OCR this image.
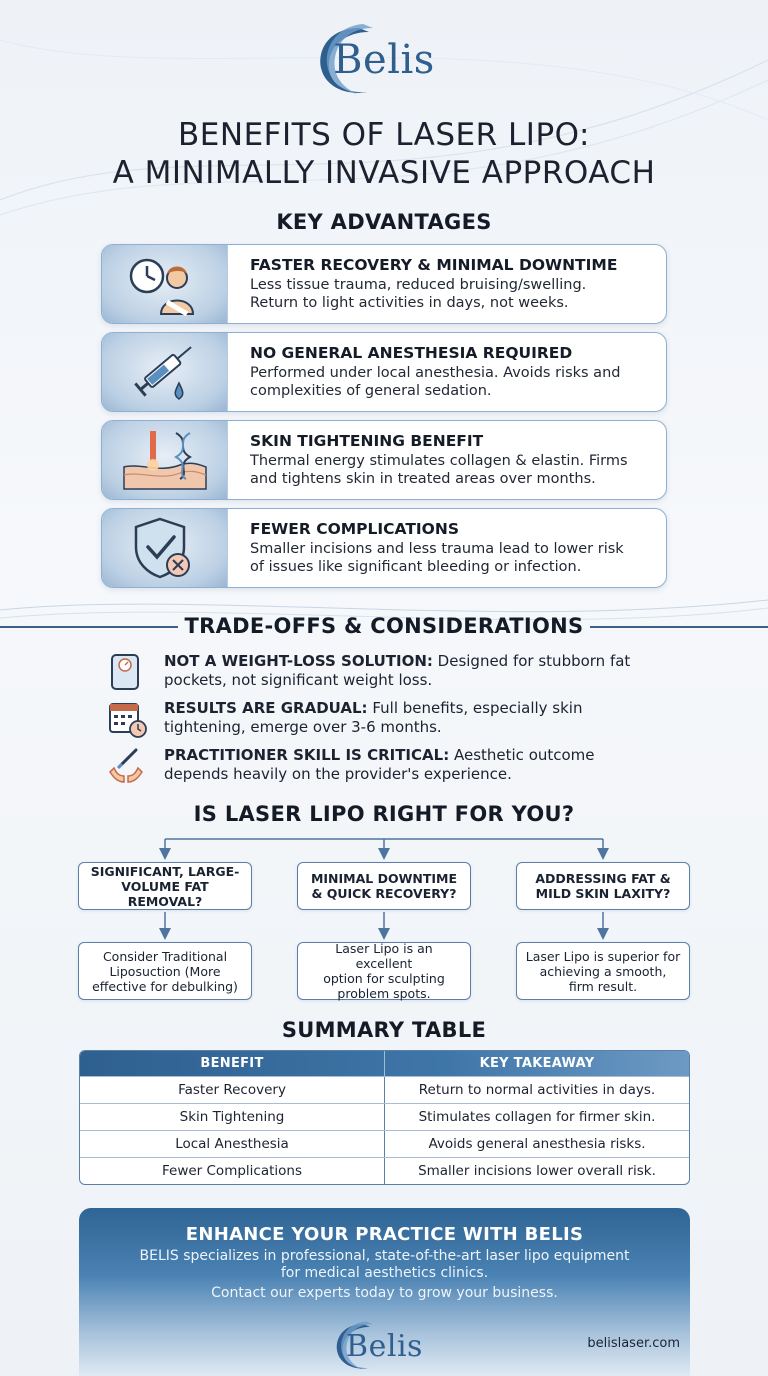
Belis
BENEFITS OF LASER LIPO:
A MINIMALLY INVASIVE APPROACH
KEY ADVANTAGES
FASTER RECOVERY & MINIMAL DOWNTIME
Less tissue trauma, reduced bruising/swelling.
Return to light activities in days, not weeks.
NO GENERAL ANESTHESIA REQUIRED
Performed under local anesthesia. Avoids risks and
complexities of general sedation.
SKIN TIGHTENING BENEFIT
Thermal energy stimulates collagen & elastin. Firms
and tightens skin in treated areas over months.
FEWER COMPLICATIONS
Smaller incisions and less trauma lead to lower risk
of issues like significant bleeding or infection.
TRADE-OFFS & CONSIDERATIONS
NOT A WEIGHT-LOSS SOLUTION: Designed for stubborn fat
pockets, not significant weight loss.
RESULTS ARE GRADUAL: Full benefits, especially skin
tightening, emerge over 3-6 months.
PRACTITIONER SKILL IS CRITICAL: Aesthetic outcome
depends heavily on the provider's experience.
IS LASER LIPO RIGHT FOR YOU?
SIGNIFICANT, LARGE-
VOLUME FAT REMOVAL?
MINIMAL DOWNTIME
& QUICK RECOVERY?
ADDRESSING FAT &
MILD SKIN LAXITY?
Consider Traditional
Liposuction (More
effective for debulking)
Laser Lipo is an excellent
option for sculpting
problem spots.
Laser Lipo is superior for
achieving a smooth,
firm result.
SUMMARY TABLE
BENEFIT	KEY TAKEAWAY
Faster Recovery	Return to normal activities in days.
Skin Tightening	Stimulates collagen for firmer skin.
Local Anesthesia	Avoids general anesthesia risks.
Fewer Complications	Smaller incisions lower overall risk.
ENHANCE YOUR PRACTICE WITH BELIS
BELIS specializes in professional, state-of-the-art laser lipo equipment
for medical aesthetics clinics.
Contact our experts today to grow your business.
Belis	belislaser.com
